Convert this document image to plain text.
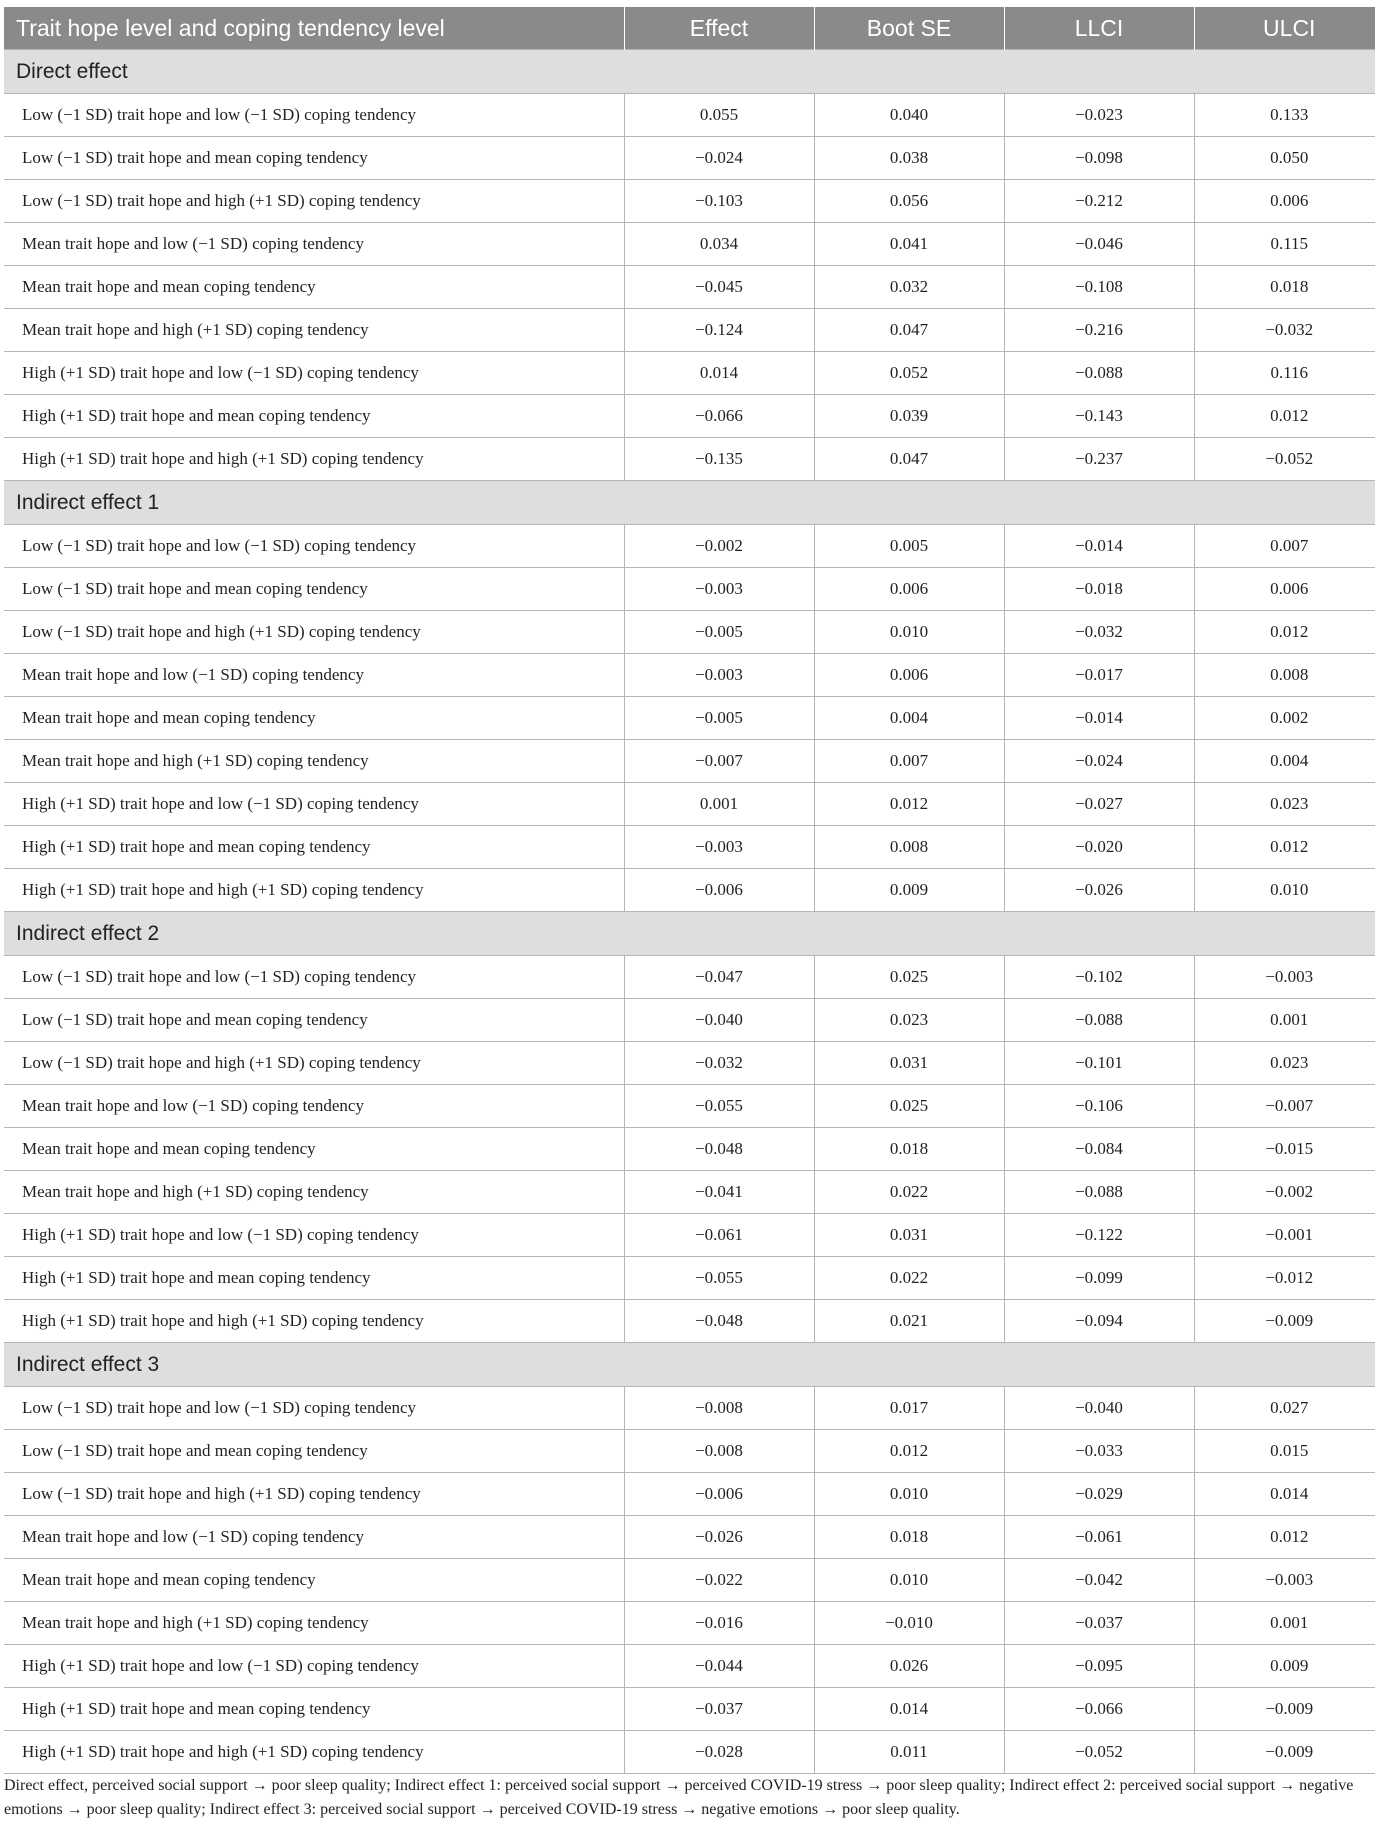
Trait hope level and coping tendency level	Effect	Boot SE	LLCI	ULCI
Direct effect				
Low (−1 SD) trait hope and low (−1 SD) coping tendency	0.055	0.040	−0.023	0.133
Low (−1 SD) trait hope and mean coping tendency	−0.024	0.038	−0.098	0.050
Low (−1 SD) trait hope and high (+1 SD) coping tendency	−0.103	0.056	−0.212	0.006
Mean trait hope and low (−1 SD) coping tendency	0.034	0.041	−0.046	0.115
Mean trait hope and mean coping tendency	−0.045	0.032	−0.108	0.018
Mean trait hope and high (+1 SD) coping tendency	−0.124	0.047	−0.216	−0.032
High (+1 SD) trait hope and low (−1 SD) coping tendency	0.014	0.052	−0.088	0.116
High (+1 SD) trait hope and mean coping tendency	−0.066	0.039	−0.143	0.012
High (+1 SD) trait hope and high (+1 SD) coping tendency	−0.135	0.047	−0.237	−0.052
Indirect effect 1				
Low (−1 SD) trait hope and low (−1 SD) coping tendency	−0.002	0.005	−0.014	0.007
Low (−1 SD) trait hope and mean coping tendency	−0.003	0.006	−0.018	0.006
Low (−1 SD) trait hope and high (+1 SD) coping tendency	−0.005	0.010	−0.032	0.012
Mean trait hope and low (−1 SD) coping tendency	−0.003	0.006	−0.017	0.008
Mean trait hope and mean coping tendency	−0.005	0.004	−0.014	0.002
Mean trait hope and high (+1 SD) coping tendency	−0.007	0.007	−0.024	0.004
High (+1 SD) trait hope and low (−1 SD) coping tendency	0.001	0.012	−0.027	0.023
High (+1 SD) trait hope and mean coping tendency	−0.003	0.008	−0.020	0.012
High (+1 SD) trait hope and high (+1 SD) coping tendency	−0.006	0.009	−0.026	0.010
Indirect effect 2				
Low (−1 SD) trait hope and low (−1 SD) coping tendency	−0.047	0.025	−0.102	−0.003
Low (−1 SD) trait hope and mean coping tendency	−0.040	0.023	−0.088	0.001
Low (−1 SD) trait hope and high (+1 SD) coping tendency	−0.032	0.031	−0.101	0.023
Mean trait hope and low (−1 SD) coping tendency	−0.055	0.025	−0.106	−0.007
Mean trait hope and mean coping tendency	−0.048	0.018	−0.084	−0.015
Mean trait hope and high (+1 SD) coping tendency	−0.041	0.022	−0.088	−0.002
High (+1 SD) trait hope and low (−1 SD) coping tendency	−0.061	0.031	−0.122	−0.001
High (+1 SD) trait hope and mean coping tendency	−0.055	0.022	−0.099	−0.012
High (+1 SD) trait hope and high (+1 SD) coping tendency	−0.048	0.021	−0.094	−0.009
Indirect effect 3				
Low (−1 SD) trait hope and low (−1 SD) coping tendency	−0.008	0.017	−0.040	0.027
Low (−1 SD) trait hope and mean coping tendency	−0.008	0.012	−0.033	0.015
Low (−1 SD) trait hope and high (+1 SD) coping tendency	−0.006	0.010	−0.029	0.014
Mean trait hope and low (−1 SD) coping tendency	−0.026	0.018	−0.061	0.012
Mean trait hope and mean coping tendency	−0.022	0.010	−0.042	−0.003
Mean trait hope and high (+1 SD) coping tendency	−0.016	−0.010	−0.037	0.001
High (+1 SD) trait hope and low (−1 SD) coping tendency	−0.044	0.026	−0.095	0.009
High (+1 SD) trait hope and mean coping tendency	−0.037	0.014	−0.066	−0.009
High (+1 SD) trait hope and high (+1 SD) coping tendency	−0.028	0.011	−0.052	−0.009
Direct effect, perceived social support → poor sleep quality; Indirect effect 1: perceived social support → perceived COVID-19 stress → poor sleep quality; Indirect effect 2: perceived social support → negative emotions → poor sleep quality; Indirect effect 3: perceived social support → perceived COVID-19 stress → negative emotions → poor sleep quality.
